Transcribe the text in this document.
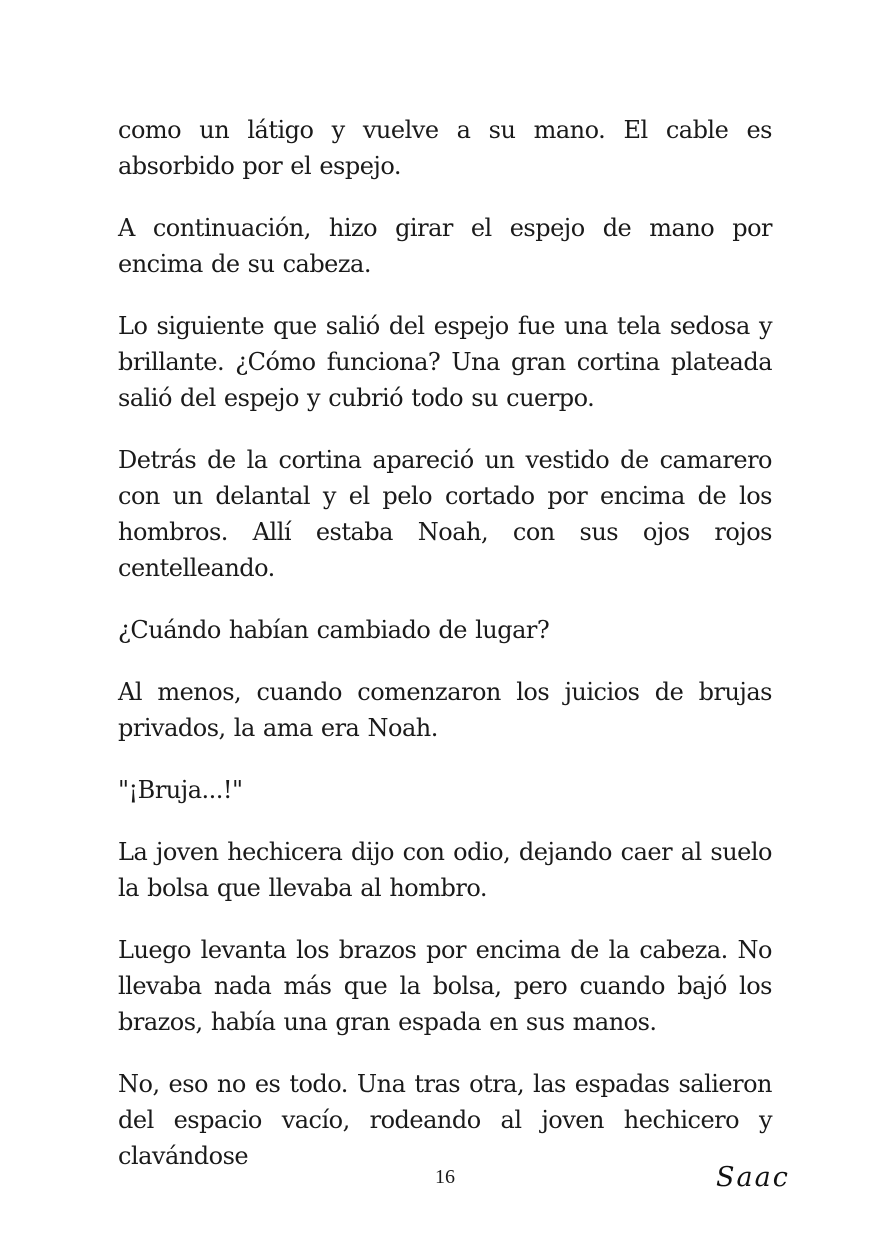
como un látigo y vuelve a su mano. El cable es absorbido por el espejo.

A continuación, hizo girar el espejo de mano por encima de su cabeza.

Lo siguiente que salió del espejo fue una tela sedosa y brillante. ¿Cómo funciona? Una gran cortina plateada salió del espejo y cubrió todo su cuerpo.

Detrás de la cortina apareció un vestido de camarero con un delantal y el pelo cortado por encima de los hombros. Allí estaba Noah, con sus ojos rojos centelleando.

¿Cuándo habían cambiado de lugar?

Al menos, cuando comenzaron los juicios de brujas privados, la ama era Noah.

"¡Bruja...!"

La joven hechicera dijo con odio, dejando caer al suelo la bolsa que llevaba al hombro.

Luego levanta los brazos por encima de la cabeza. No llevaba nada más que la bolsa, pero cuando bajó los brazos, había una gran espada en sus manos.

No, eso no es todo. Una tras otra, las espadas salieron del espacio vacío, rodeando al joven hechicero y clavándose

16	Saac
